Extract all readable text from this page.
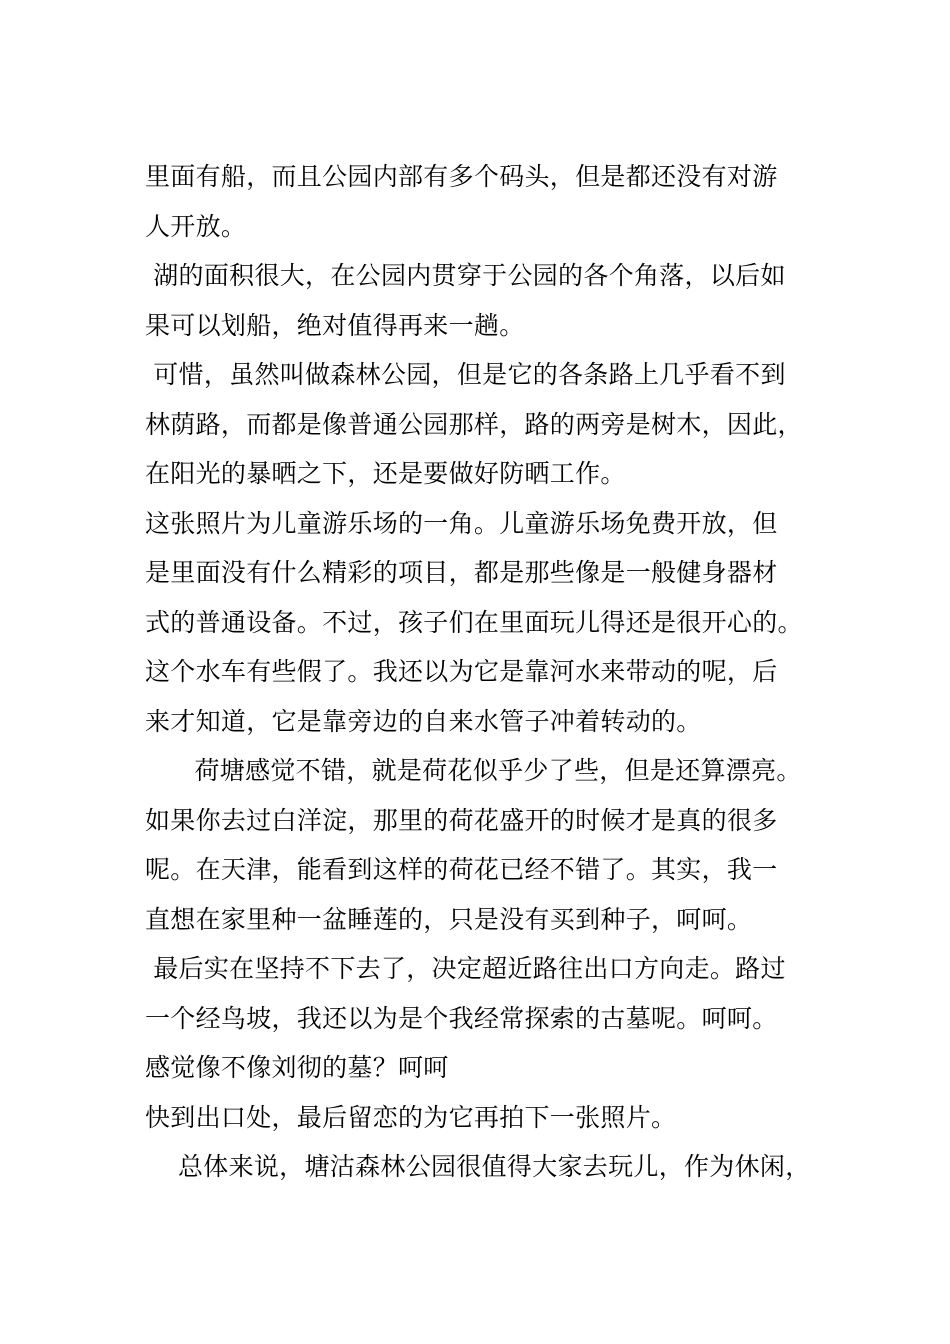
里面有船，而且公园内部有多个码头，但是都还没有对游
人开放。
湖的面积很大，在公园内贯穿于公园的各个角落，以后如
果可以划船，绝对值得再来一趟。
可惜，虽然叫做森林公园，但是它的各条路上几乎看不到
林荫路，而都是像普通公园那样，路的两旁是树木，因此，
在阳光的暴晒之下，还是要做好防晒工作。
这张照片为儿童游乐场的一角。儿童游乐场免费开放，但
是里面没有什么精彩的项目，都是那些像是一般健身器材
式的普通设备。不过，孩子们在里面玩儿得还是很开心的。
这个水车有些假了。我还以为它是靠河水来带动的呢，后
来才知道，它是靠旁边的自来水管子冲着转动的。
荷塘感觉不错，就是荷花似乎少了些，但是还算漂亮。
如果你去过白洋淀，那里的荷花盛开的时候才是真的很多
呢。在天津，能看到这样的荷花已经不错了。其实，我一
直想在家里种一盆睡莲的，只是没有买到种子，呵呵。
最后实在坚持不下去了，决定超近路往出口方向走。路过
一个经鸟坡，我还以为是个我经常探索的古墓呢。呵呵。
感觉像不像刘彻的墓？呵呵
快到出口处，最后留恋的为它再拍下一张照片。
总体来说，塘沽森林公园很值得大家去玩儿，作为休闲，
